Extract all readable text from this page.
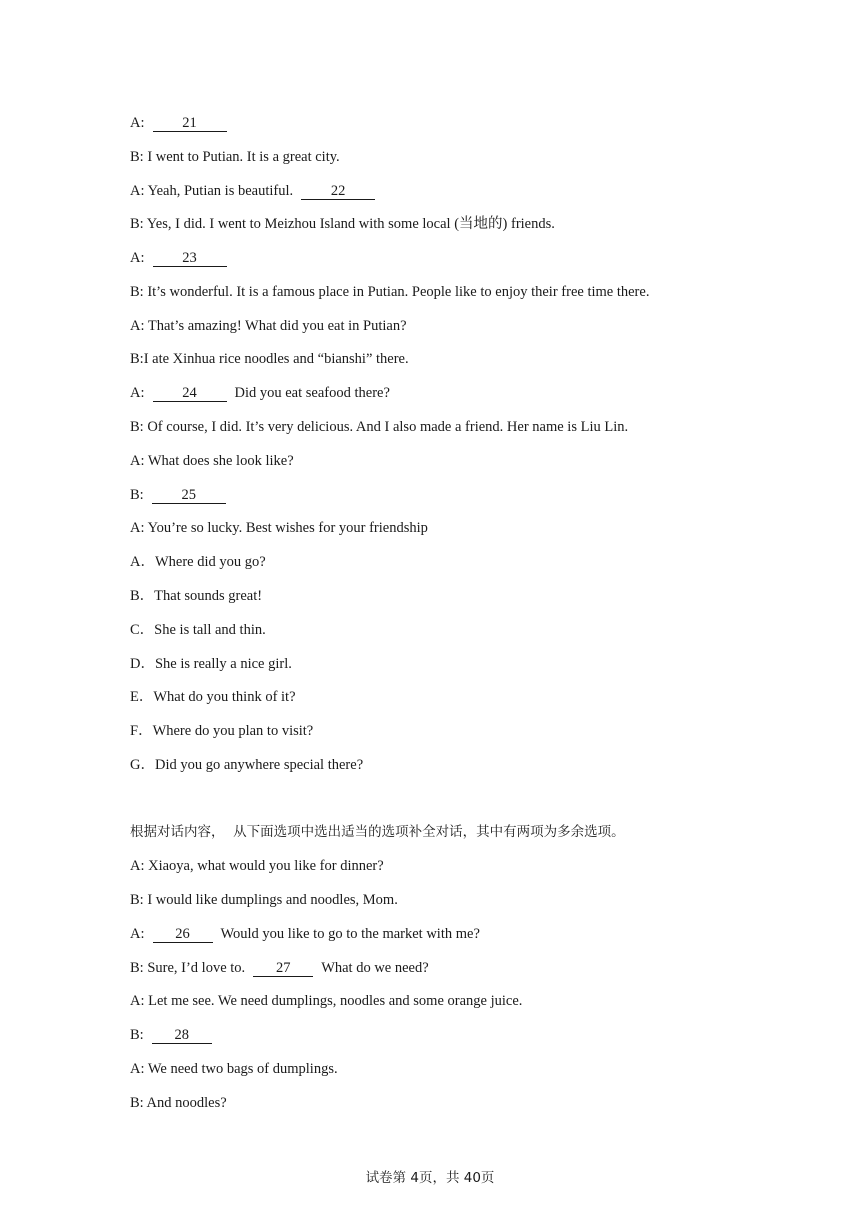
A:	21
B: I went to Putian. It is a great city.
A: Yeah, Putian is beautiful.	22
B: Yes, I did. I went to Meizhou Island with some local (当地的) friends.
A:	23
B: It’s wonderful. It is a famous place in Putian. People like to enjoy their free time there.
A: That’s amazing! What did you eat in Putian?
B:I ate Xinhua rice noodles and “bianshi” there.
A:	24	Did you eat seafood there?
B: Of course, I did. It’s very delicious. And I also made a friend. Her name is Liu Lin.
A: What does she look like?
B:	25
A: You’re so lucky. Best wishes for your friendship
A．Where did you go?
B．That sounds great!
C．She is tall and thin.
D．She is really a nice girl.
E．What do you think of it?
F．Where do you plan to visit?
G．Did you go anywhere special there?
根据对话内容，  从下面选项中选出适当的选项补全对话，其中有两项为多余选项。
A: Xiaoya, what would you like for dinner?
B: I would like dumplings and noodles, Mom.
A: 26 Would you like to go to the market with me?
B: Sure, I’d love to. 27 What do we need?
A: Let me see. We need dumplings, noodles and some orange juice.
B: 28
A: We need two bags of dumplings.
B: And noodles?
试卷第 4页，共 40页
